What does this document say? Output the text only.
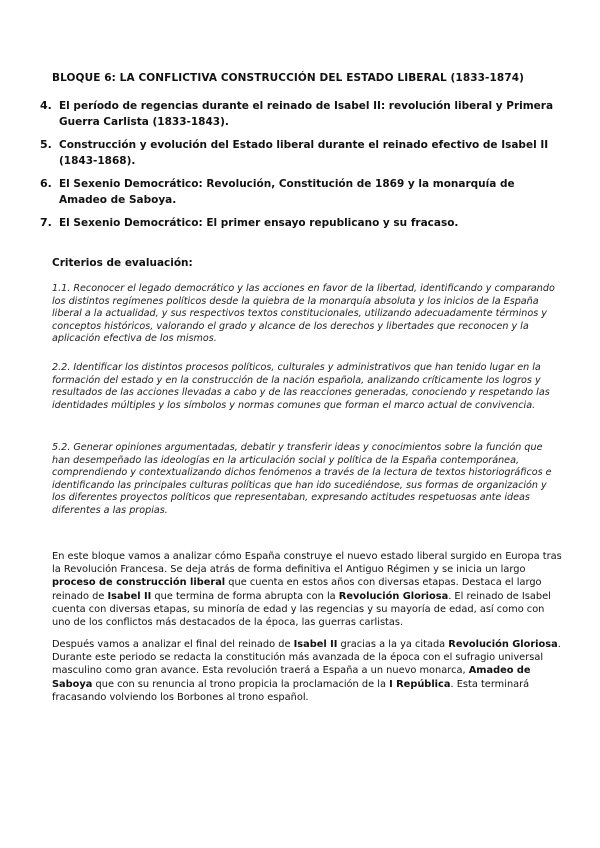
BLOQUE 6: LA CONFLICTIVA CONSTRUCCIÓN DEL ESTADO LIBERAL (1833-1874)
4. El período de regencias durante el reinado de Isabel II: revolución liberal y Primera Guerra Carlista (1833-1843).
5. Construcción y evolución del Estado liberal durante el reinado efectivo de Isabel II (1843-1868).
6. El Sexenio Democrático: Revolución, Constitución de 1869 y la monarquía de Amadeo de Saboya.
7. El Sexenio Democrático: El primer ensayo republicano y su fracaso.
Criterios de evaluación:

1.1. Reconocer el legado democrático y las acciones en favor de la libertad, identificando y comparando los distintos regímenes políticos desde la quiebra de la monarquía absoluta y los inicios de la España liberal a la actualidad, y sus respectivos textos constitucionales, utilizando adecuadamente términos y conceptos históricos, valorando el grado y alcance de los derechos y libertades que reconocen y la aplicación efectiva de los mismos.

2.2. Identificar los distintos procesos políticos, culturales y administrativos que han tenido lugar en la formación del estado y en la construcción de la nación española, analizando críticamente los logros y resultados de las acciones llevadas a cabo y de las reacciones generadas, conociendo y respetando las identidades múltiples y los símbolos y normas comunes que forman el marco actual de convivencia.

5.2. Generar opiniones argumentadas, debatir y transferir ideas y conocimientos sobre la función que han desempeñado las ideologías en la articulación social y política de la España contemporánea, comprendiendo y contextualizando dichos fenómenos a través de la lectura de textos historiográficos e identificando las principales culturas políticas que han ido sucediéndose, sus formas de organización y los diferentes proyectos políticos que representaban, expresando actitudes respetuosas ante ideas diferentes a las propias.

En este bloque vamos a analizar cómo España construye el nuevo estado liberal surgido en Europa tras la Revolución Francesa. Se deja atrás de forma definitiva el Antiguo Régimen y se inicia un largo proceso de construcción liberal que cuenta en estos años con diversas etapas. Destaca el largo reinado de Isabel II que termina de forma abrupta con la Revolución Gloriosa. El reinado de Isabel cuenta con diversas etapas, su minoría de edad y las regencias y su mayoría de edad, así como con uno de los conflictos más destacados de la época, las guerras carlistas.

Después vamos a analizar el final del reinado de Isabel II gracias a la ya citada Revolución Gloriosa. Durante este periodo se redacta la constitución más avanzada de la época con el sufragio universal masculino como gran avance. Esta revolución traerá a España a un nuevo monarca, Amadeo de Saboya que con su renuncia al trono propicia la proclamación de la I República. Esta terminará fracasando volviendo los Borbones al trono español.
